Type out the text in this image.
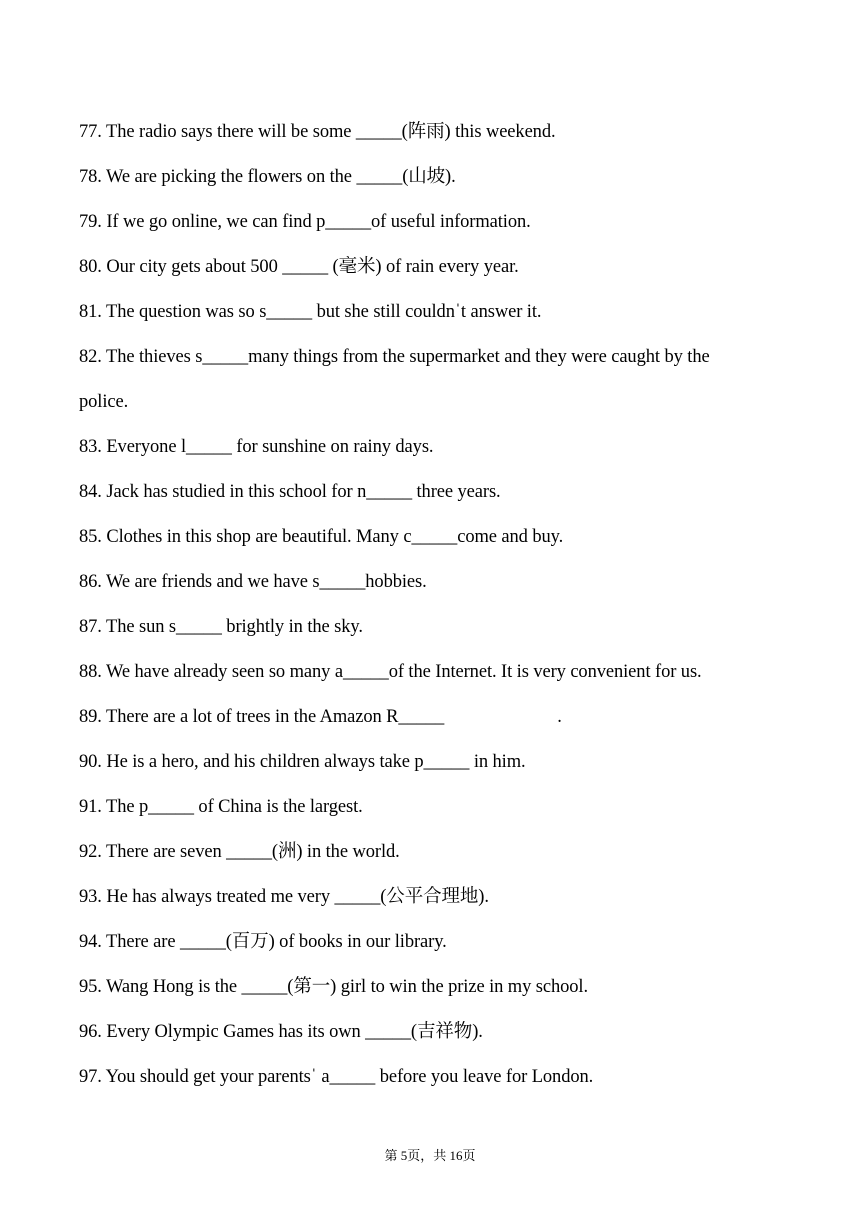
77. The radio says there will be some _____(阵雨) this weekend.
78. We are picking the flowers on the _____(山坡).
79. If we go online, we can find p_____of useful information.
80. Our city gets about 500 _____ (毫米) of rain every year.
81. The question was so s_____ but she still couldnˈt answer it.
82. The thieves s_____many things from the supermarket and they were caught by the
police.
83. Everyone l_____ for sunshine on rainy days.
84. Jack has studied in this school for n_____ three years.
85. Clothes in this shop are beautiful. Many c_____come and buy.
86. We are friends and we have s_____hobbies.
87. The sun s_____ brightly in the sky.
88. We have already seen so many a_____of the Internet. It is very convenient for us.
89. There are a lot of trees in the Amazon R_____                         .
90. He is a hero, and his children always take p_____ in him.
91. The p_____ of China is the largest.
92. There are seven _____(洲) in the world.
93. He has always treated me very _____(公平合理地).
94. There are _____(百万) of books in our library.
95. Wang Hong is the _____(第一) girl to win the prize in my school.
96. Every Olympic Games has its own _____(吉祥物).
97. You should get your parentsˈ a_____ before you leave for London.
第 5页，共 16页
